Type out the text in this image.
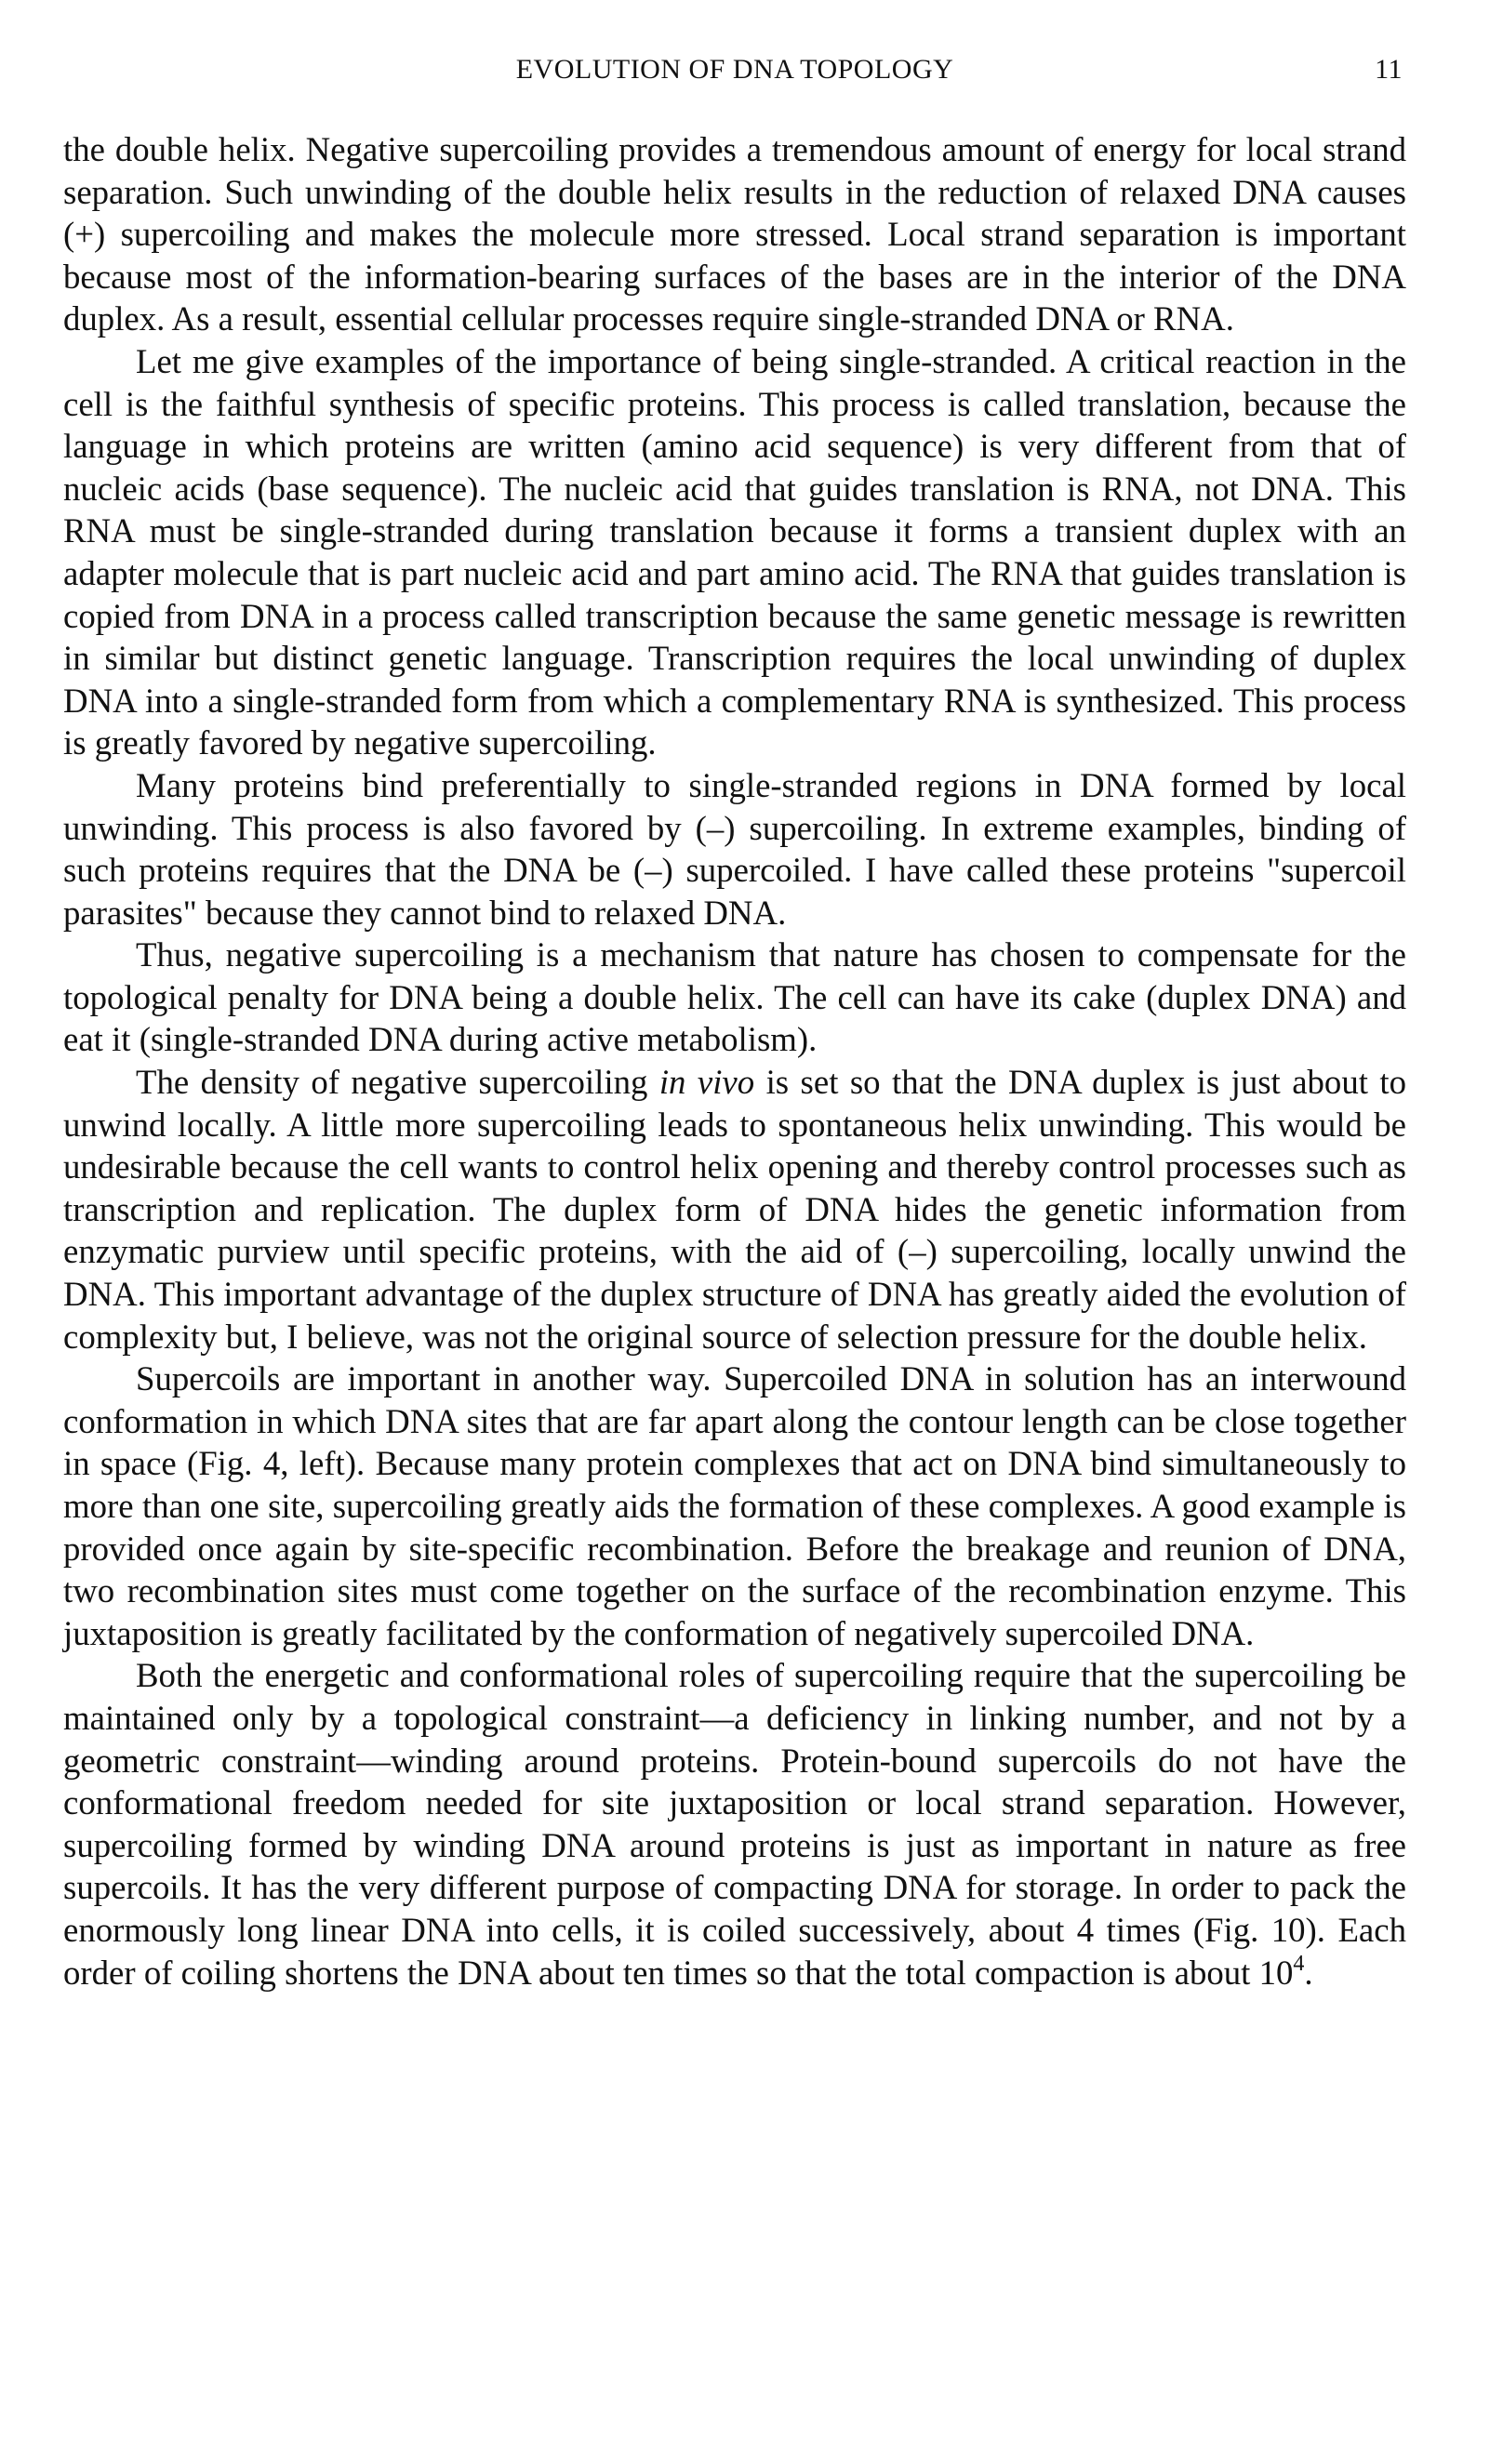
EVOLUTION OF DNA TOPOLOGY	11

the double helix. Negative supercoiling provides a tremendous amount of energy for local strand separation. Such unwinding of the double helix results in the reduction of relaxed DNA causes (+) supercoiling and makes the molecule more stressed. Local strand separation is important because most of the information-bearing surfaces of the bases are in the interior of the DNA duplex. As a result, essential cellular processes require single-stranded DNA or RNA.

Let me give examples of the importance of being single-stranded. A critical reaction in the cell is the faithful synthesis of specific proteins. This process is called translation, because the language in which proteins are written (amino acid sequence) is very different from that of nucleic acids (base sequence). The nucleic acid that guides translation is RNA, not DNA. This RNA must be single-stranded during translation because it forms a transient duplex with an adapter molecule that is part nucleic acid and part amino acid. The RNA that guides translation is copied from DNA in a process called transcription because the same genetic message is rewritten in similar but distinct genetic language. Transcription requires the local unwinding of duplex DNA into a single-stranded form from which a complementary RNA is synthesized. This process is greatly favored by negative supercoiling.

Many proteins bind preferentially to single-stranded regions in DNA formed by local unwinding. This process is also favored by (–) supercoiling. In extreme examples, binding of such proteins requires that the DNA be (–) supercoiled. I have called these proteins "supercoil parasites" because they cannot bind to relaxed DNA.

Thus, negative supercoiling is a mechanism that nature has chosen to compensate for the topological penalty for DNA being a double helix. The cell can have its cake (duplex DNA) and eat it (single-stranded DNA during active metabolism).

The density of negative supercoiling in vivo is set so that the DNA duplex is just about to unwind locally. A little more supercoiling leads to spontaneous helix unwinding. This would be undesirable because the cell wants to control helix opening and thereby control processes such as transcription and replication. The duplex form of DNA hides the genetic information from enzymatic purview until specific proteins, with the aid of (–) supercoiling, locally unwind the DNA. This important advantage of the duplex structure of DNA has greatly aided the evolution of complexity but, I believe, was not the original source of selection pressure for the double helix.

Supercoils are important in another way. Supercoiled DNA in solution has an interwound conformation in which DNA sites that are far apart along the contour length can be close together in space (Fig. 4, left). Because many protein complexes that act on DNA bind simultaneously to more than one site, supercoiling greatly aids the formation of these complexes. A good example is provided once again by site-specific recombination. Before the breakage and reunion of DNA, two recombination sites must come together on the surface of the recombination enzyme. This juxtaposition is greatly facilitated by the conformation of negatively supercoiled DNA.

Both the energetic and conformational roles of supercoiling require that the supercoiling be maintained only by a topological constraint—a deficiency in linking number, and not by a geometric constraint—winding around proteins. Protein-bound supercoils do not have the conformational freedom needed for site juxtaposition or local strand separation. However, supercoiling formed by winding DNA around proteins is just as important in nature as free supercoils. It has the very different purpose of compacting DNA for storage. In order to pack the enormously long linear DNA into cells, it is coiled successively, about 4 times (Fig. 10). Each order of coiling shortens the DNA about ten times so that the total compaction is about $10^4$.
